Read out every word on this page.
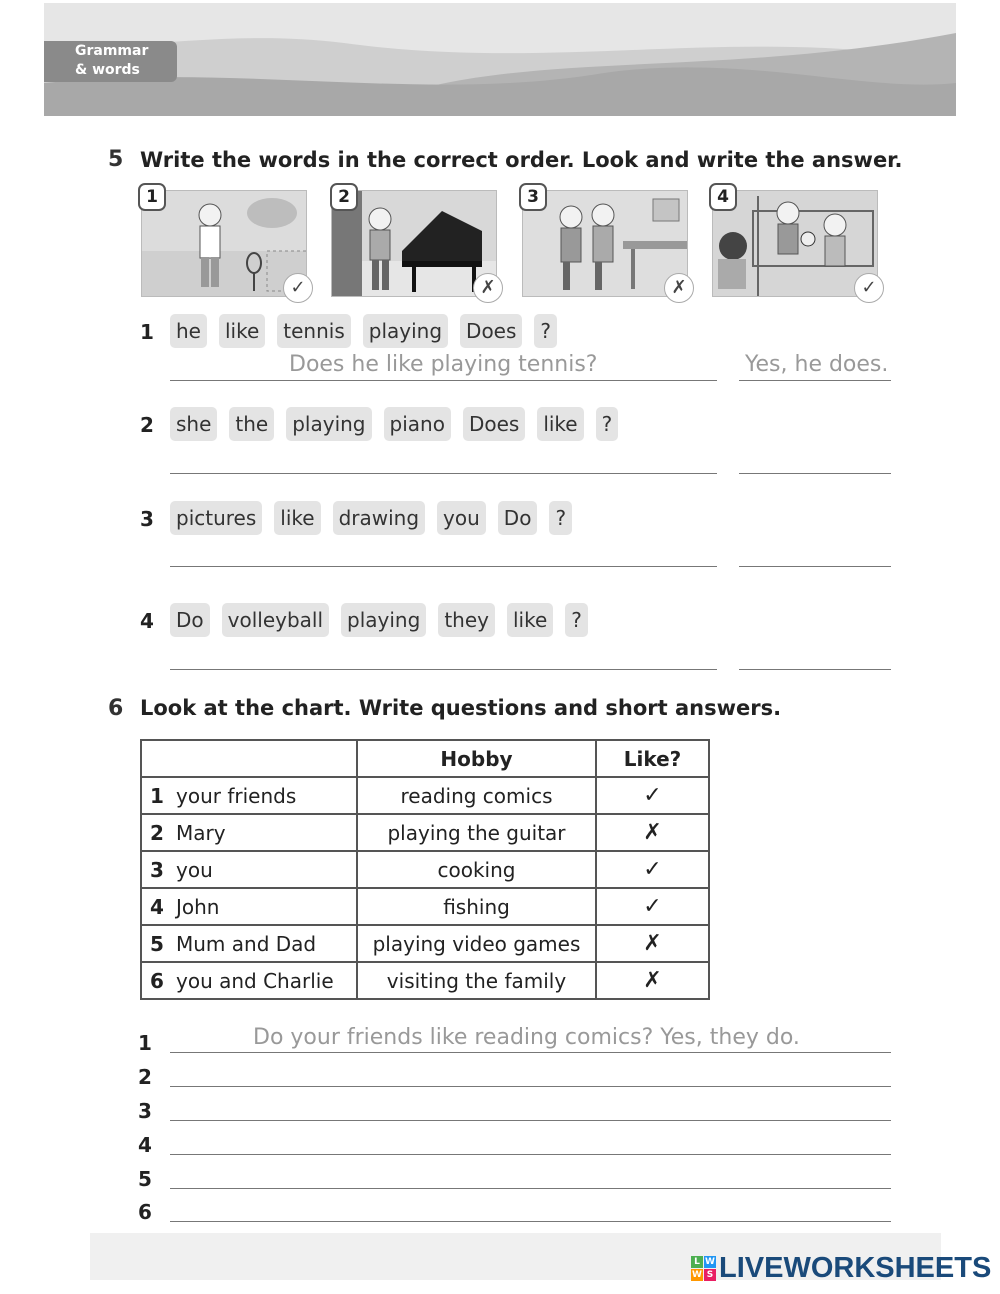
Grammar
& words
5 Write the words in the correct order. Look and write the answer.
1	2	3	4
✓	✗	✗	✓
1	he	like	tennis	playing	Does	?
Does he like playing tennis?	Yes, he does.
2	she	the	playing	piano	Does	like	?
3	pictures	like	drawing	you	Do	?
4	Do	volleyball	playing	they	like	?
6 Look at the chart. Write questions and short answers.
	Hobby	Like?
1 your friends	reading comics	✓
2 Mary	playing the guitar	✗
3 you	cooking	✓
4 John	fishing	✓
5 Mum and Dad	playing video games	✗
6 you and Charlie	visiting the family	✗
1	Do your friends like reading comics? Yes, they do.
2
3
4
5
6
L W
W S LIVEWORKSHEETS
